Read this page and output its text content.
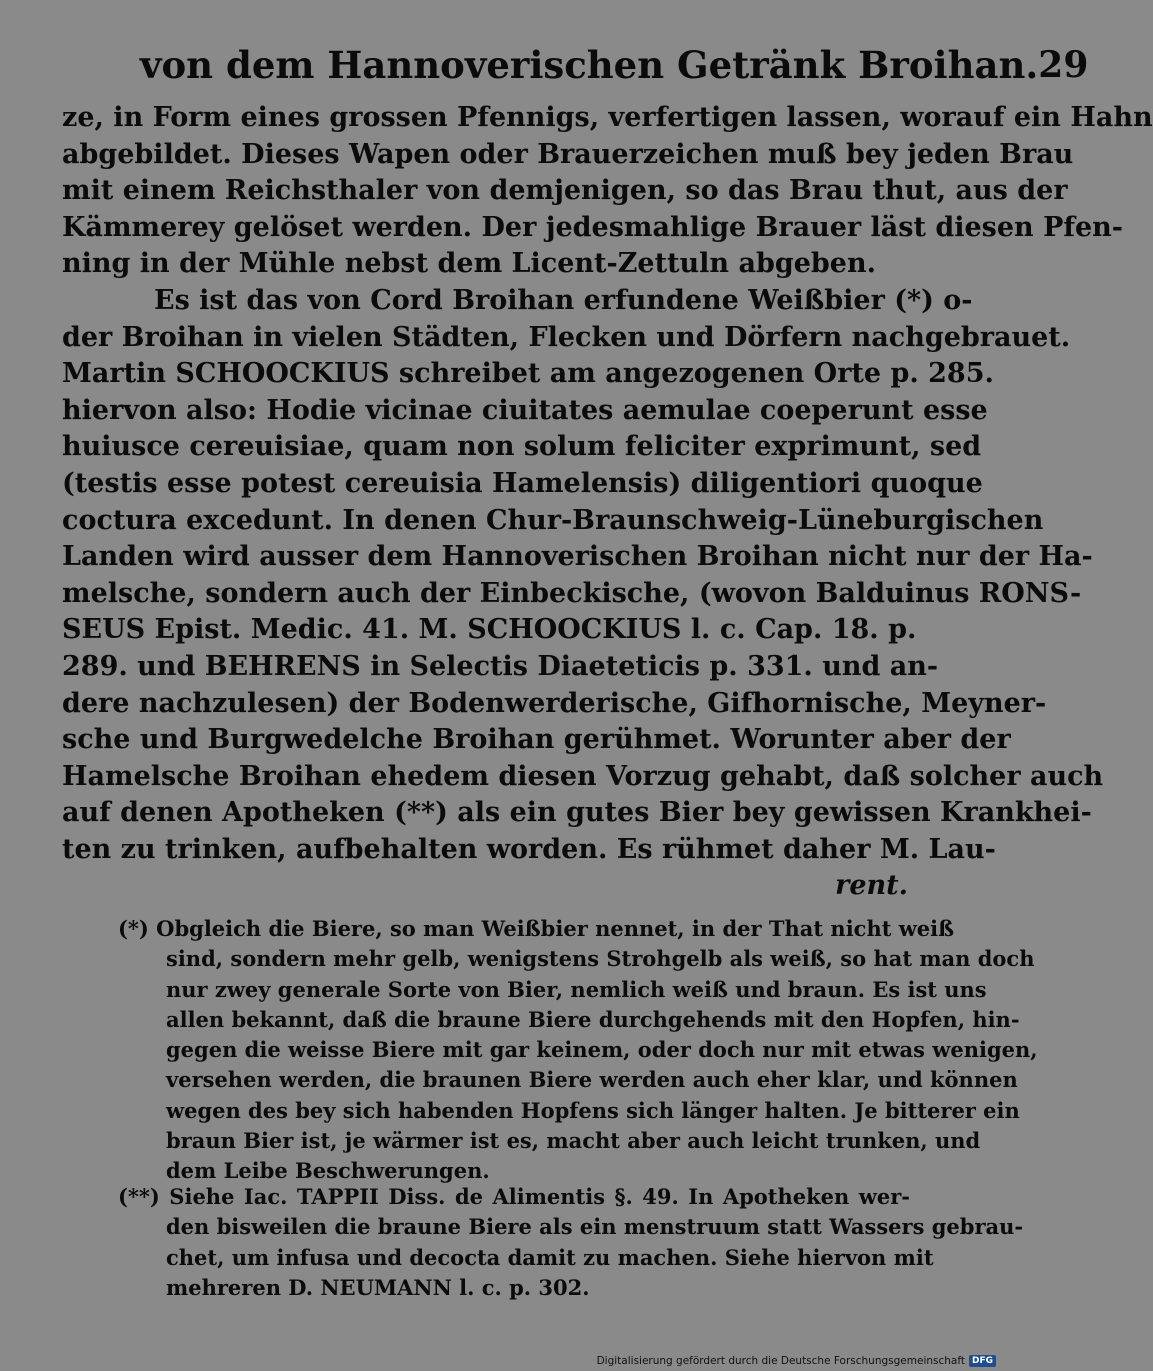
von dem Hannoverischen Getränk Broihan. 29
ze, in Form eines grossen Pfennigs, verfertigen lassen, worauf ein Hahn
abgebildet. Dieses Wapen oder Brauerzeichen muß bey jeden Brau
mit einem Reichsthaler von demjenigen, so das Brau thut, aus der
Kämmerey gelöset werden. Der jedesmahlige Brauer läst diesen Pfen-
ning in der Mühle nebst dem Licent-Zettuln abgeben.
Es ist das von Cord Broihan erfundene Weißbier (*) o-
der Broihan in vielen Städten, Flecken und Dörfern nachgebrauet.
Martin SCHOOCKIUS schreibet am angezogenen Orte p. 285.
hiervon also: Hodie vicinae ciuitates aemulae coeperunt esse
huiusce cereuisiae, quam non solum feliciter exprimunt, sed
(testis esse potest cereuisia Hamelensis) diligentiori quoque
coctura excedunt. In denen Chur-Braunschweig-Lüneburgischen
Landen wird ausser dem Hannoverischen Broihan nicht nur der Ha-
melsche, sondern auch der Einbeckische, (wovon Balduinus RONS-
SEUS Epist. Medic. 41. M. SCHOOCKIUS l. c. Cap. 18. p.
289. und BEHRENS in Selectis Diaeteticis p. 331. und an-
dere nachzulesen) der Bodenwerderische, Gifhornische, Meyner-
sche und Burgwedelche Broihan gerühmet. Worunter aber der
Hamelsche Broihan ehedem diesen Vorzug gehabt, daß solcher auch
auf denen Apotheken (**) als ein gutes Bier bey gewissen Krankhei-
ten zu trinken, aufbehalten worden. Es rühmet daher M. Lau-
rent.
(*) Obgleich die Biere, so man Weißbier nennet, in der That nicht weiß
sind, sondern mehr gelb, wenigstens Strohgelb als weiß, so hat man doch
nur zwey generale Sorte von Bier, nemlich weiß und braun. Es ist uns
allen bekannt, daß die braune Biere durchgehends mit den Hopfen, hin-
gegen die weisse Biere mit gar keinem, oder doch nur mit etwas wenigen,
versehen werden, die braunen Biere werden auch eher klar, und können
wegen des bey sich habenden Hopfens sich länger halten. Je bitterer ein
braun Bier ist, je wärmer ist es, macht aber auch leicht trunken, und
dem Leibe Beschwerungen.
(**) Siehe Iac. TAPPII Diss. de Alimentis §. 49. In Apotheken wer-
den bisweilen die braune Biere als ein menstruum statt Wassers gebrau-
chet, um infusa und decocta damit zu machen. Siehe hiervon mit
mehreren D. NEUMANN l. c. p. 302.
Digitalisierung gefördert durch die Deutsche Forschungsgemeinschaft DFG
